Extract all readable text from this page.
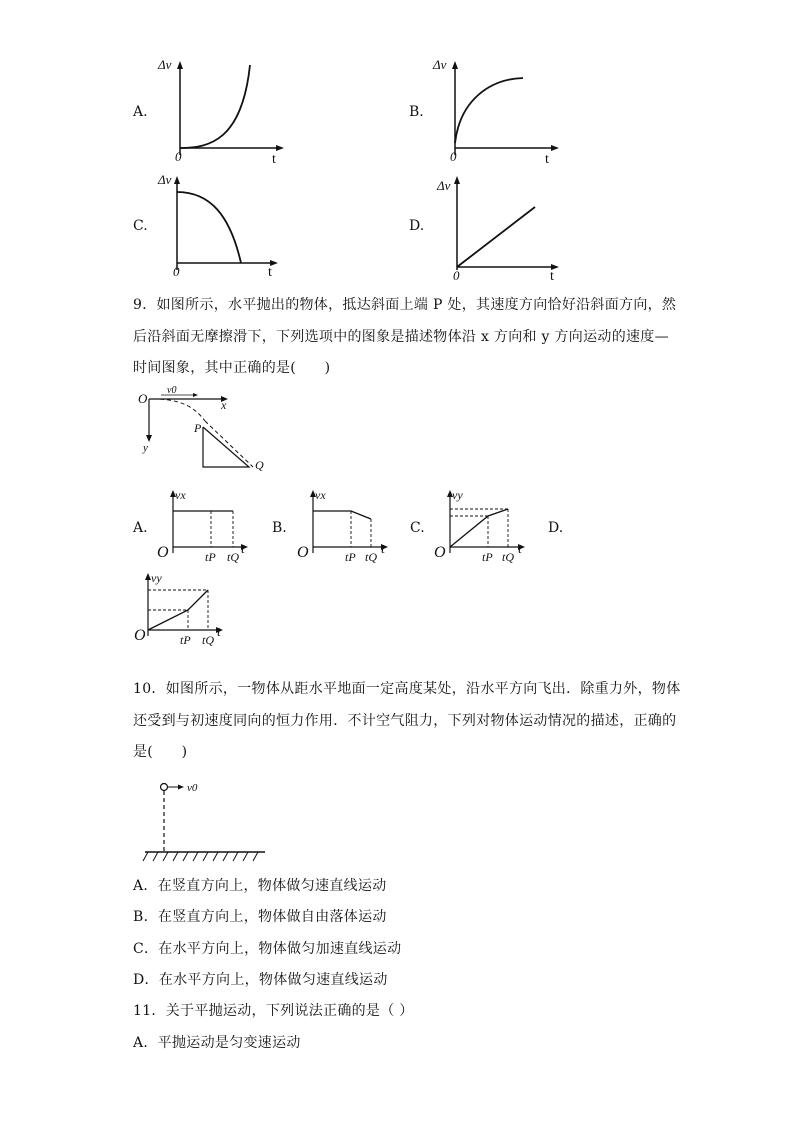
A.
Δv
0	t
B.
Δv
0	t
C.
Δv
0	t
D.
Δv
0	t
9．如图所示，水平抛出的物体，抵达斜面上端 P 处，其速度方向恰好沿斜面方向，然
后沿斜面无摩擦滑下，下列选项中的图象是描述物体沿 x 方向和 y 方向运动的速度—
时间图象，其中正确的是(　　)
O
v0
x
y
P
Q
A.
vx
O	tP tQ t
B.
vx
O	tP tQ t
C.
vy
O	tP tQ t
D.
vy
O	tP tQ t
10．如图所示，一物体从距水平地面一定高度某处，沿水平方向飞出．除重力外，物体
还受到与初速度同向的恒力作用．不计空气阻力，下列对物体运动情况的描述，正确的
是(　　)
v0
A．在竖直方向上，物体做匀速直线运动
B．在竖直方向上，物体做自由落体运动
C．在水平方向上，物体做匀加速直线运动
D．在水平方向上，物体做匀速直线运动
11．关于平抛运动，下列说法正确的是（ ）
A．平抛运动是匀变速运动
